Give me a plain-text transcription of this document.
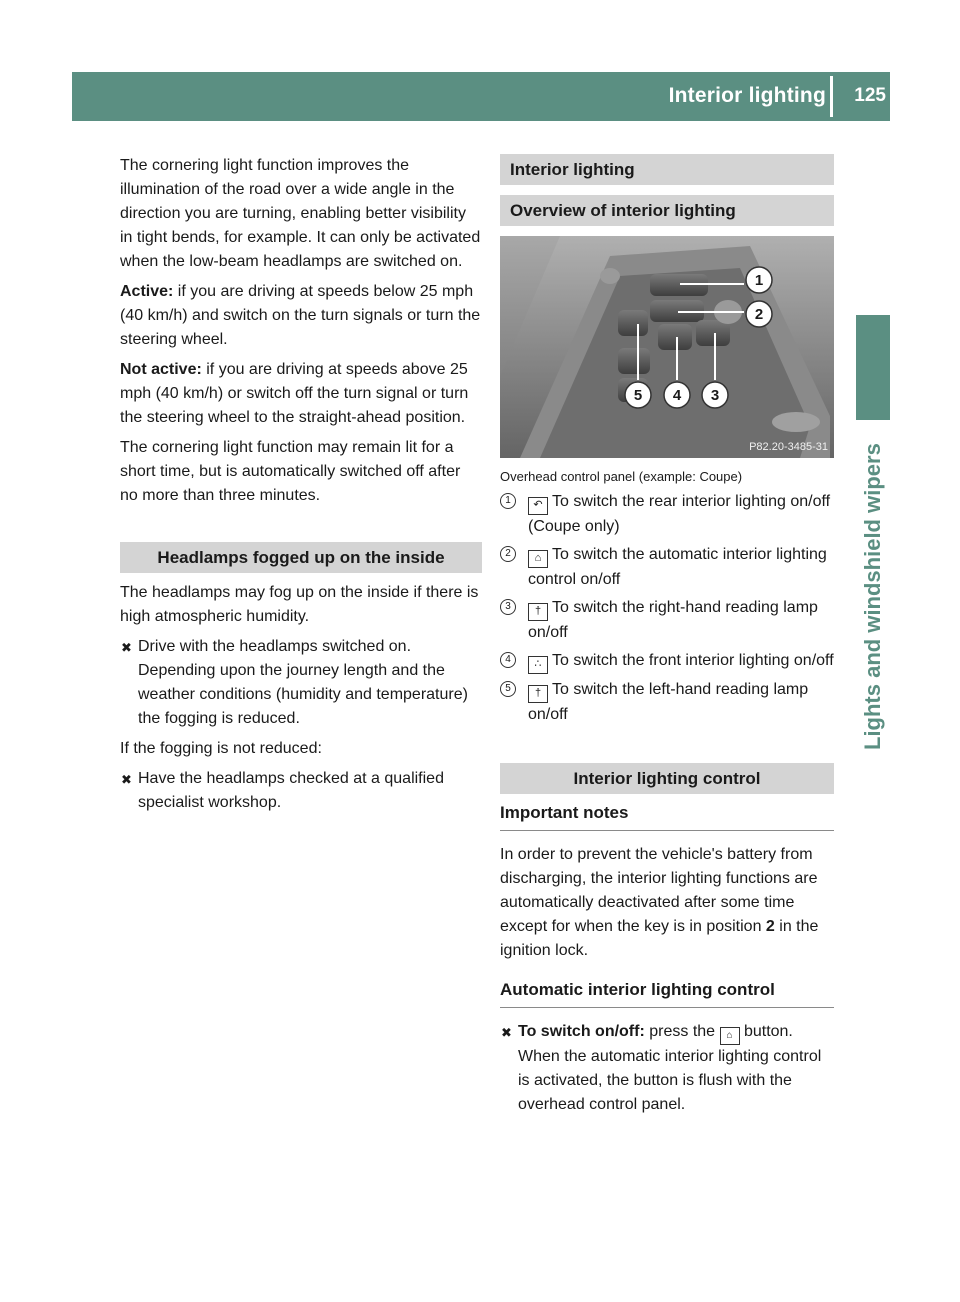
Interior lighting 125
Lights and windshield wipers

The cornering light function improves the illumination of the road over a wide angle in the direction you are turning, enabling better visibility in tight bends, for example. It can only be activated when the low-beam headlamps are switched on.

Active: if you are driving at speeds below 25 mph (40 km/h) and switch on the turn signals or turn the steering wheel.

Not active: if you are driving at speeds above 25 mph (40 km/h) or switch off the turn signal or turn the steering wheel to the straight-ahead position.

The cornering light function may remain lit for a short time, but is automatically switched off after no more than three minutes.

Headlamps fogged up on the inside

The headlamps may fog up on the inside if there is high atmospheric humidity.

✖ Drive with the headlamps switched on. Depending upon the journey length and the weather conditions (humidity and temperature) the fogging is reduced.

If the fogging is not reduced:

✖ Have the headlamps checked at a qualified specialist workshop.
Interior lighting
Overview of interior lighting
1
2
3
4
5
P82.20-3485-31

Overhead control panel (example: Coupe)

1	↶ To switch the rear interior lighting on/off (Coupe only)
2	⌂ To switch the automatic interior lighting control on/off
3	† To switch the right-hand reading lamp on/off
4	∴ To switch the front interior lighting on/off
5	† To switch the left-hand reading lamp on/off
Interior lighting control
Important notes

In order to prevent the vehicle's battery from discharging, the interior lighting functions are automatically deactivated after some time except for when the key is in position 2 in the ignition lock.

Automatic interior lighting control
✖ To switch on/off: press the ⌂ button. When the automatic interior lighting control is activated, the button is flush with the overhead control panel.
